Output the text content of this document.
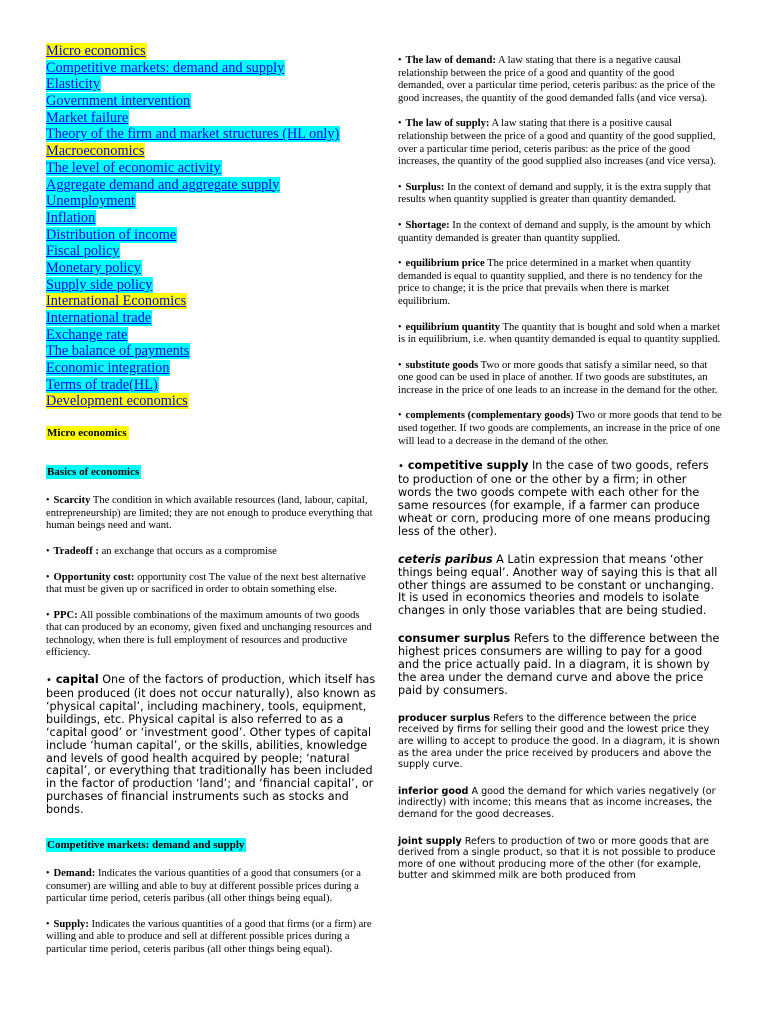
Micro economics
Competitive markets: demand and supply
Elasticity
Government intervention
Market failure
Theory of the firm and market structures (HL only)
Macroeconomics
The level of economic activity
Aggregate demand and aggregate supply
Unemployment
Inflation
Distribution of income
Fiscal policy
Monetary policy
Supply side policy
International Economics
International trade
Exchange rate
The balance of payments
Economic integration
Terms of trade(HL)
Development economics
Micro economics
Basics of economics

• Scarcity The condition in which available resources (land, labour, capital, entrepreneurship) are limited; they are not enough to produce everything that human beings need and want.

• Tradeoff : an exchange that occurs as a compromise

• Opportunity cost: opportunity cost The value of the next best alternative that must be given up or sacrificed in order to obtain something else.

• PPC: All possible combinations of the maximum amounts of two goods that can produced by an economy, given fixed and unchanging resources and technology, when there is full employment of resources and productive efficiency.

• capital One of the factors of production, which itself has been produced (it does not occur naturally), also known as ‘physical capital’, including machinery, tools, equipment, buildings, etc. Physical capital is also referred to as a ‘capital good’ or ‘investment good’. Other types of capital include ‘human capital’, or the skills, abilities, knowledge and levels of good health acquired by people; ‘natural capital’, or everything that traditionally has been included in the factor of production ‘land’; and ‘financial capital’, or purchases of financial instruments such as stocks and bonds.

Competitive markets: demand and supply

• Demand: Indicates the various quantities of a good that consumers (or a consumer) are willing and able to buy at different possible prices during a particular time period, ceteris paribus (all other things being equal).

• Supply: Indicates the various quantities of a good that firms (or a firm) are willing and able to produce and sell at different possible prices during a particular time period, ceteris paribus (all other things being equal).

• The law of demand: A law stating that there is a negative causal relationship between the price of a good and quantity of the good demanded, over a particular time period, ceteris paribus: as the price of the good increases, the quantity of the good demanded falls (and vice versa).

• The law of supply: A law stating that there is a positive causal relationship between the price of a good and quantity of the good supplied, over a particular time period, ceteris paribus: as the price of the good increases, the quantity of the good supplied also increases (and vice versa).

• Surplus: In the context of demand and supply, it is the extra supply that results when quantity supplied is greater than quantity demanded.

• Shortage: In the context of demand and supply, is the amount by which quantity demanded is greater than quantity supplied.

• equilibrium price The price determined in a market when quantity demanded is equal to quantity supplied, and there is no tendency for the price to change; it is the price that prevails when there is market equilibrium.

• equilibrium quantity The quantity that is bought and sold when a market is in equilibrium, i.e. when quantity demanded is equal to quantity supplied.

• substitute goods Two or more goods that satisfy a similar need, so that one good can be used in place of another. If two goods are substitutes, an increase in the price of one leads to an increase in the demand for the other.

• complements (complementary goods) Two or more goods that tend to be used together. If two goods are complements, an increase in the price of one will lead to a decrease in the demand of the other.

• competitive supply In the case of two goods, refers to production of one or the other by a firm; in other words the two goods compete with each other for the same resources (for example, if a farmer can produce wheat or corn, producing more of one means producing less of the other).

ceteris paribus A Latin expression that means ‘other things being equal’. Another way of saying this is that all other things are assumed to be constant or unchanging. It is used in economics theories and models to isolate changes in only those variables that are being studied.

consumer surplus Refers to the difference between the highest prices consumers are willing to pay for a good and the price actually paid. In a diagram, it is shown by the area under the demand curve and above the price paid by consumers.

producer surplus Refers to the difference between the price received by firms for selling their good and the lowest price they are willing to accept to produce the good. In a diagram, it is shown as the area under the price received by producers and above the supply curve.

inferior good A good the demand for which varies negatively (or indirectly) with income; this means that as income increases, the demand for the good decreases.

joint supply Refers to production of two or more goods that are derived from a single product, so that it is not possible to produce more of one without producing more of the other (for example, butter and skimmed milk are both produced from
